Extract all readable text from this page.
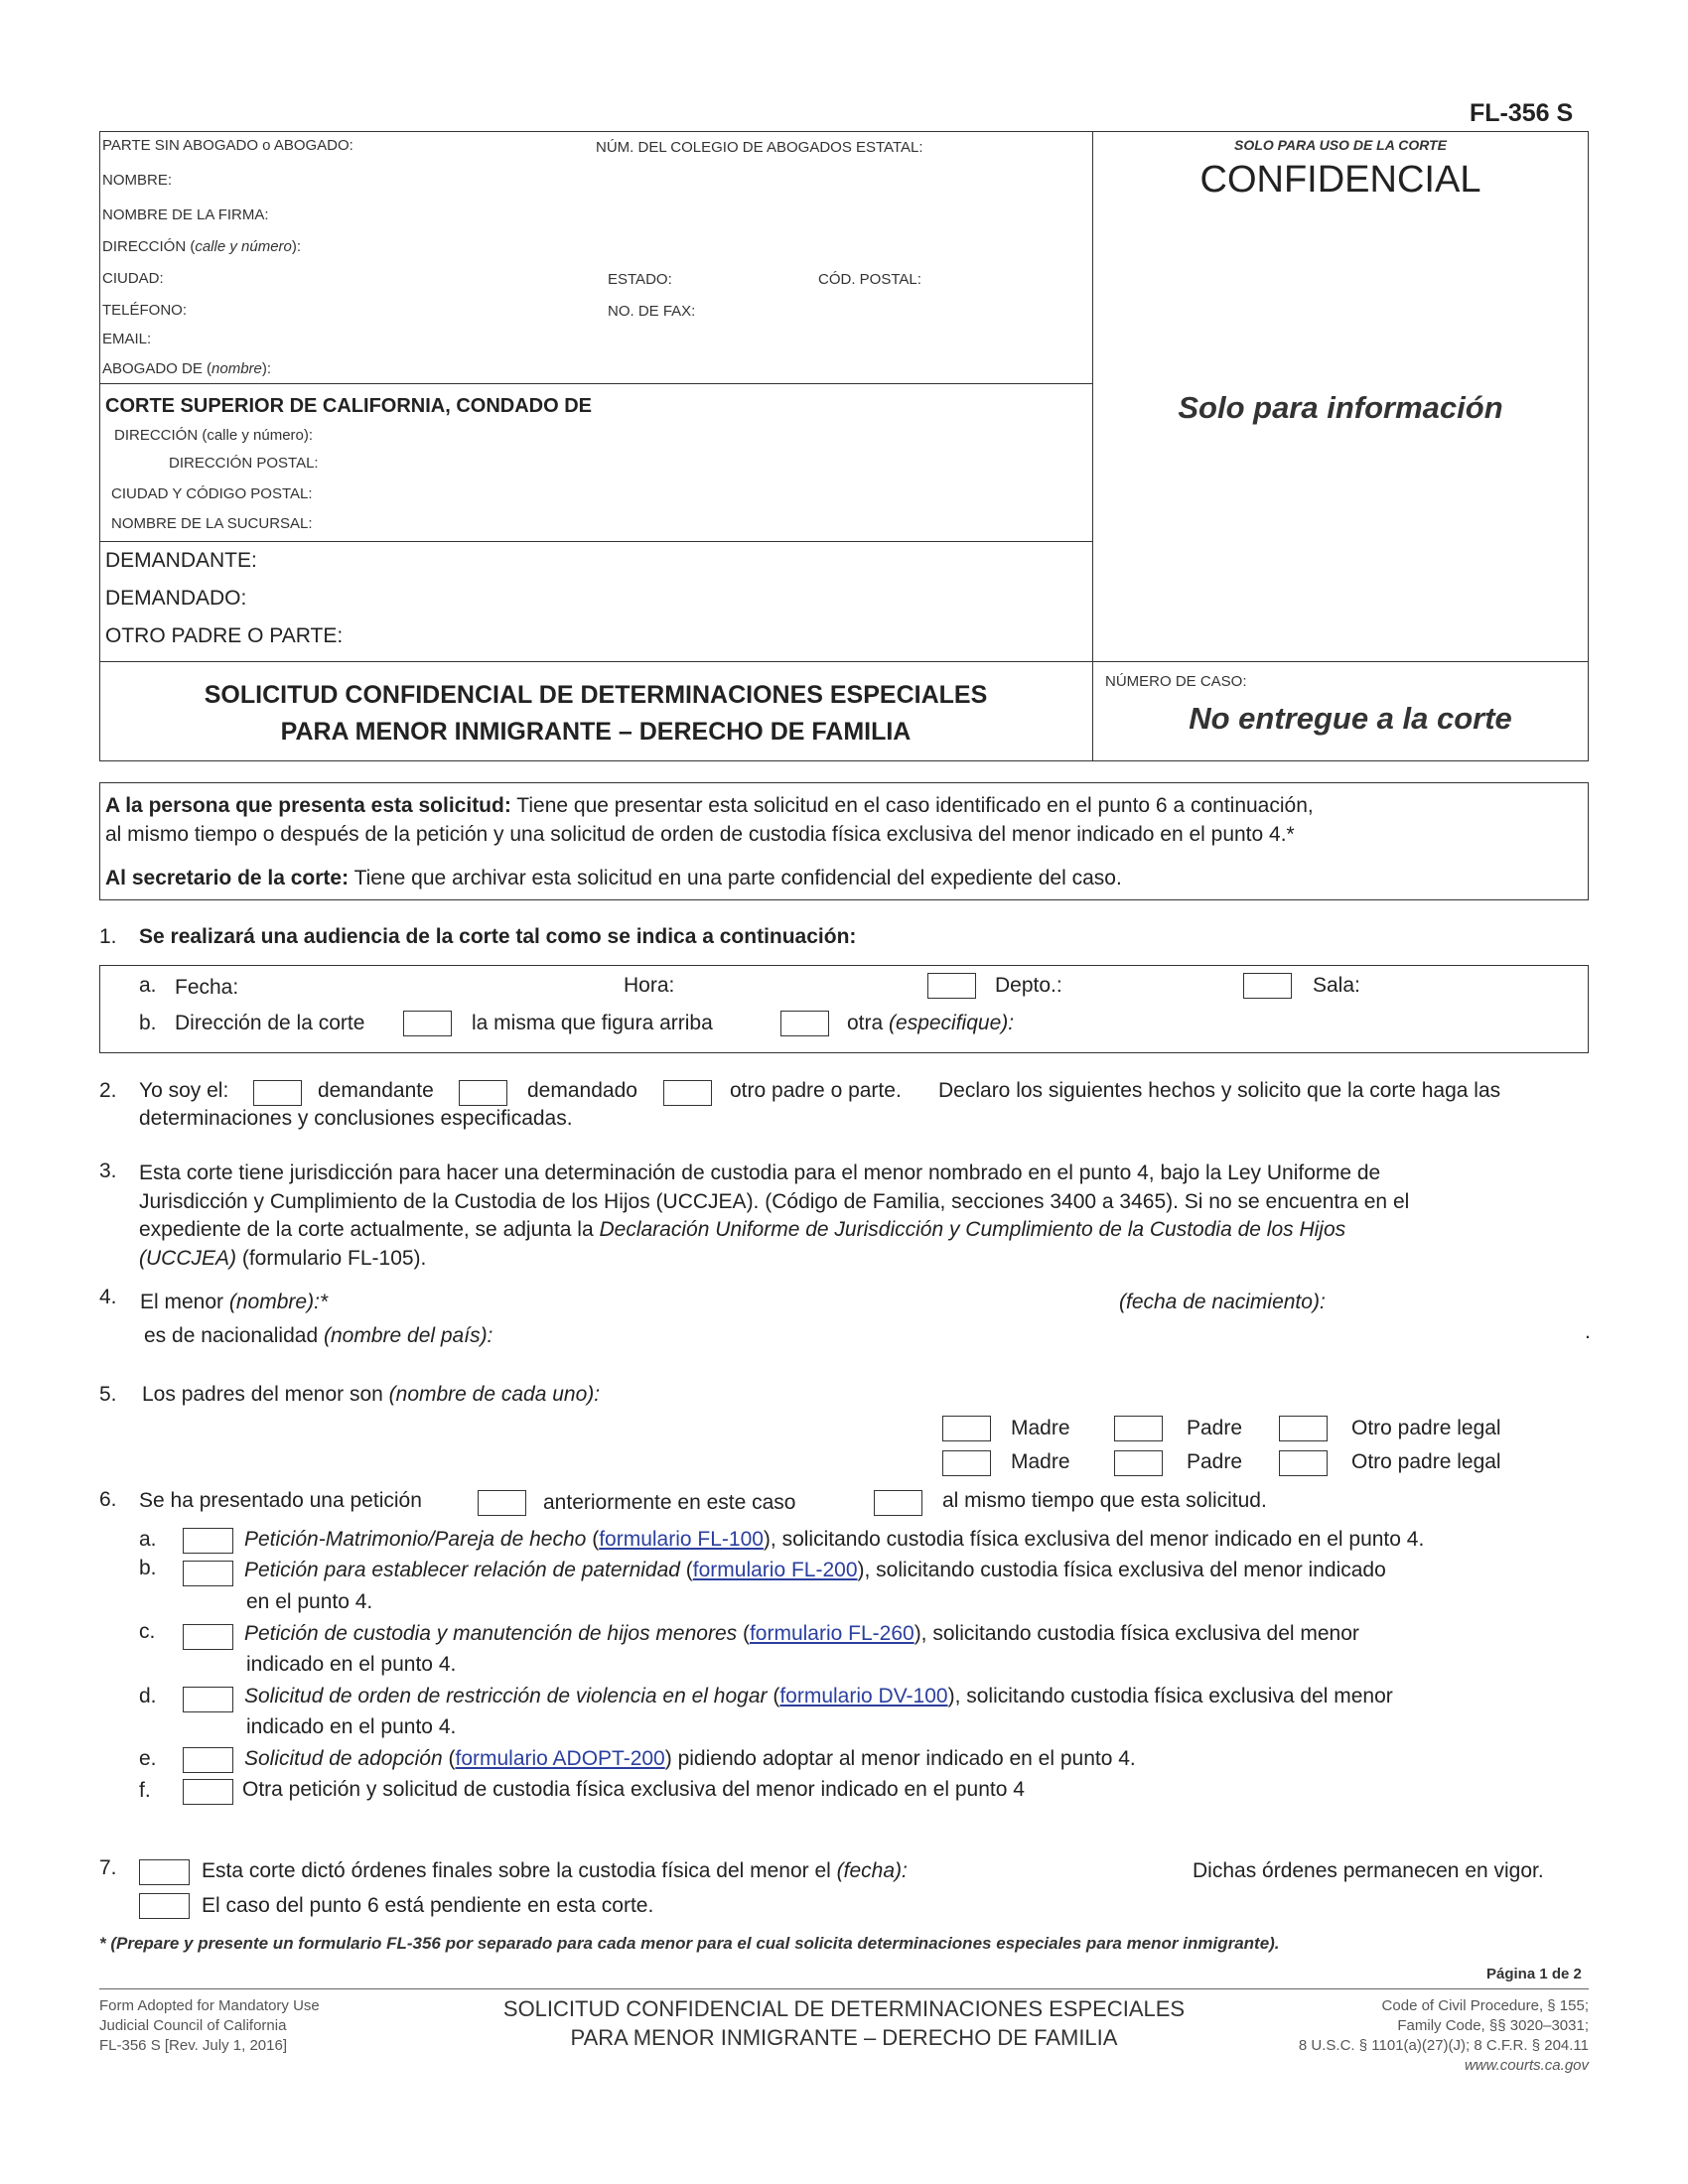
FL-356 S
PARTE SIN ABOGADO o ABOGADO:	NÚM. DEL COLEGIO DE ABOGADOS ESTATAL:
NOMBRE:
NOMBRE DE LA FIRMA:
DIRECCIÓN (calle y número):
CIUDAD:	ESTADO:	CÓD. POSTAL:
TELÉFONO:	NO. DE FAX:
EMAIL:
ABOGADO DE (nombre):
SOLO PARA USO DE LA CORTE
CONFIDENCIAL
Solo para información
CORTE SUPERIOR DE CALIFORNIA, CONDADO DE
DIRECCIÓN (calle y número):
DIRECCIÓN POSTAL:
CIUDAD Y CÓDIGO POSTAL:
NOMBRE DE LA SUCURSAL:
DEMANDANTE:
DEMANDADO:
OTRO PADRE O PARTE:
SOLICITUD CONFIDENCIAL DE DETERMINACIONES ESPECIALES
PARA MENOR INMIGRANTE – DERECHO DE FAMILIA
NÚMERO DE CASO:
No entregue a la corte
A la persona que presenta esta solicitud: Tiene que presentar esta solicitud en el caso identificado en el punto 6 a continuación,
al mismo tiempo o después de la petición y una solicitud de orden de custodia física exclusiva del menor indicado en el punto 4.*
Al secretario de la corte: Tiene que archivar esta solicitud en una parte confidencial del expediente del caso.
1. Se realizará una audiencia de la corte tal como se indica a continuación:
a. Fecha:	Hora:	Depto.:	Sala:
b. Dirección de la corte	la misma que figura arriba	otra (especifique):
2. Yo soy el:	demandante	demandado	otro padre o parte. Declaro los siguientes hechos y solicito que la corte haga las
determinaciones y conclusiones especificadas.
3. Esta corte tiene jurisdicción para hacer una determinación de custodia para el menor nombrado en el punto 4, bajo la Ley Uniforme de
Jurisdicción y Cumplimiento de la Custodia de los Hijos (UCCJEA). (Código de Familia, secciones 3400 a 3465). Si no se encuentra en el
expediente de la corte actualmente, se adjunta la Declaración Uniforme de Jurisdicción y Cumplimiento de la Custodia de los Hijos
(UCCJEA) (formulario FL-105).
4. El menor (nombre):*	(fecha de nacimiento):
es de nacionalidad (nombre del país):	.
5. Los padres del menor son (nombre de cada uno):
Madre	Padre	Otro padre legal
Madre	Padre	Otro padre legal
6. Se ha presentado una petición	anteriormente en este caso	al mismo tiempo que esta solicitud.
a.	Petición-Matrimonio/Pareja de hecho (formulario FL-100), solicitando custodia física exclusiva del menor indicado en el punto 4.
b.	Petición para establecer relación de paternidad (formulario FL-200), solicitando custodia física exclusiva del menor indicado
en el punto 4.
c.	Petición de custodia y manutención de hijos menores (formulario FL-260), solicitando custodia física exclusiva del menor
indicado en el punto 4.
d.	Solicitud de orden de restricción de violencia en el hogar (formulario DV-100), solicitando custodia física exclusiva del menor
indicado en el punto 4.
e.	Solicitud de adopción (formulario ADOPT-200) pidiendo adoptar al menor indicado en el punto 4.
f.	Otra petición y solicitud de custodia física exclusiva del menor indicado en el punto 4
7.	Esta corte dictó órdenes finales sobre la custodia física del menor el (fecha):	Dichas órdenes permanecen en vigor.
El caso del punto 6 está pendiente en esta corte.
* (Prepare y presente un formulario FL-356 por separado para cada menor para el cual solicita determinaciones especiales para menor inmigrante).
Página 1 de 2
Form Adopted for Mandatory Use
Judicial Council of California
FL-356 S [Rev. July 1, 2016]
SOLICITUD CONFIDENCIAL DE DETERMINACIONES ESPECIALES
PARA MENOR INMIGRANTE – DERECHO DE FAMILIA
Code of Civil Procedure, § 155;
Family Code, §§ 3020–3031;
8 U.S.C. § 1101(a)(27)(J); 8 C.F.R. § 204.11
www.courts.ca.gov
